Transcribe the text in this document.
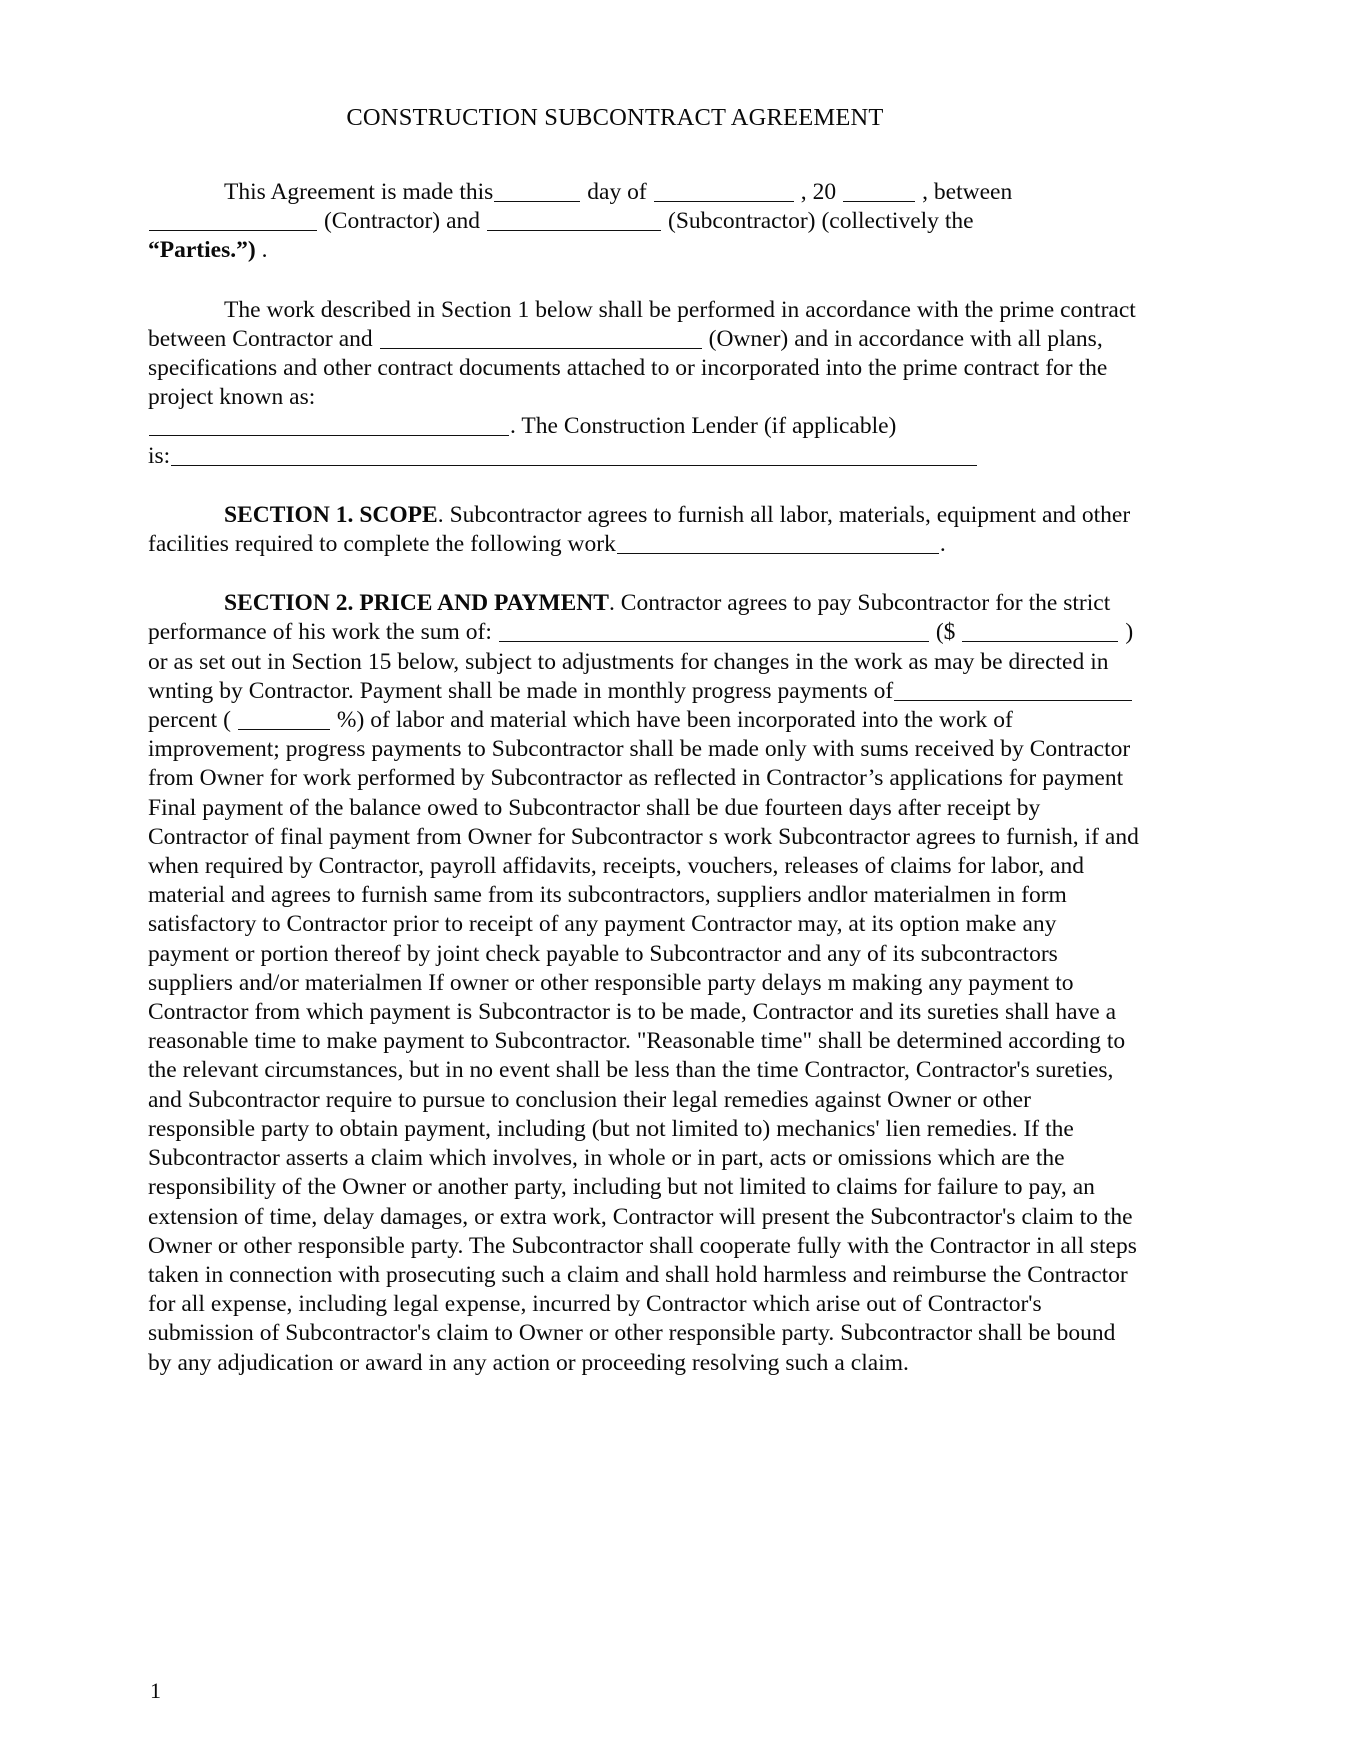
CONSTRUCTION SUBCONTRACT AGREEMENT

This Agreement is made this	day of	, 20	, between
(Contractor) and	(Subcontractor) (collectively the
“Parties.”) .

The work described in Section 1 below shall be performed in accordance with the prime contract between Contractor and	(Owner) and in accordance with all plans, specifications and other contract documents attached to or incorporated into the prime contract for the project known as:
. The Construction Lender (if applicable)
is:

SECTION 1. SCOPE. Subcontractor agrees to furnish all labor, materials, equipment and other facilities required to complete the following work	.

SECTION 2. PRICE AND PAYMENT. Contractor agrees to pay Subcontractor for the strict performance of his work the sum of:	($	) or as set out in Section 15 below, subject to adjustments for changes in the work as may be directed in wnting by Contractor. Payment shall be made in monthly progress payments of percent (	%) of labor and material which have been incorporated into the work of improvement; progress payments to Subcontractor shall be made only with sums received by Contractor from Owner for work performed by Subcontractor as reflected in Contractor’s applications for payment Final payment of the balance owed to Subcontractor shall be due fourteen days after receipt by Contractor of final payment from Owner for Subcontractor s work Subcontractor agrees to furnish, if and when required by Contractor, payroll affidavits, receipts, vouchers, releases of claims for labor, and material and agrees to furnish same from its subcontractors, suppliers andlor materialmen in form satisfactory to Contractor prior to receipt of any payment Contractor may, at its option make any payment or portion thereof by joint check payable to Subcontractor and any of its subcontractors suppliers and/or materialmen If owner or other responsible party delays m making any payment to Contractor from which payment is Subcontractor is to be made, Contractor and its sureties shall have a reasonable time to make payment to Subcontractor. "Reasonable time" shall be determined according to the relevant circumstances, but in no event shall be less than the time Contractor, Contractor's sureties, and Subcontractor require to pursue to conclusion their legal remedies against Owner or other responsible party to obtain payment, including (but not limited to) mechanics' lien remedies. If the Subcontractor asserts a claim which involves, in whole or in part, acts or omissions which are the responsibility of the Owner or another party, including but not limited to claims for failure to pay, an extension of time, delay damages, or extra work, Contractor will present the Subcontractor's claim to the Owner or other responsible party. The Subcontractor shall cooperate fully with the Contractor in all steps taken in connection with prosecuting such a claim and shall hold harmless and reimburse the Contractor for all expense, including legal expense, incurred by Contractor which arise out of Contractor's submission of Subcontractor's claim to Owner or other responsible party. Subcontractor shall be bound by any adjudication or award in any action or proceeding resolving such a claim.

1
